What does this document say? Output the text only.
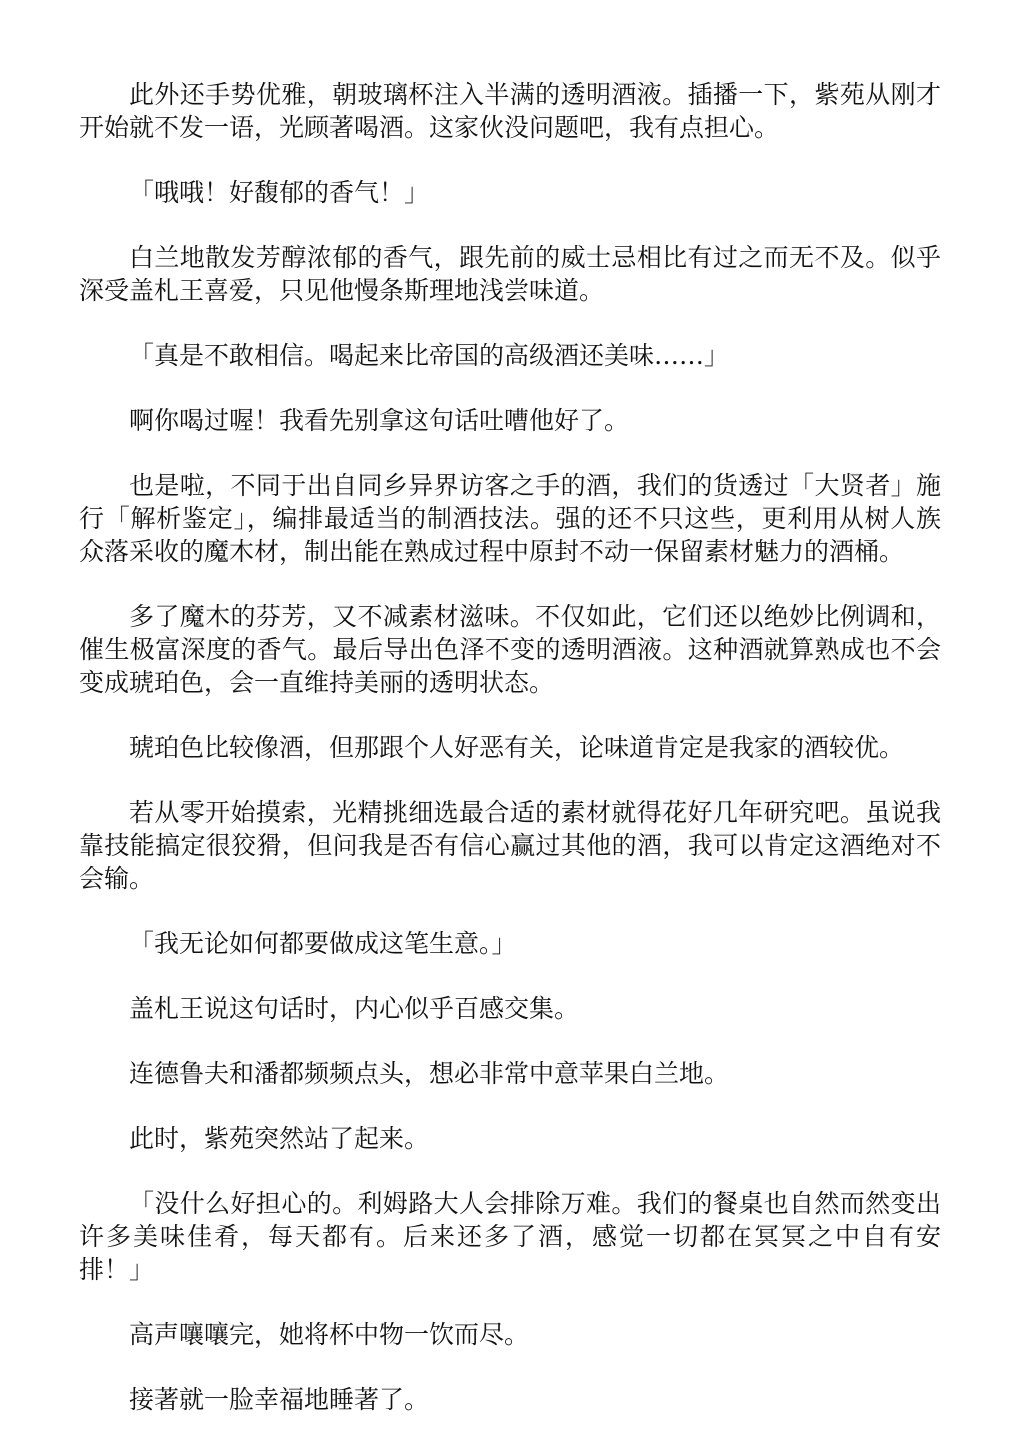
此外还手势优雅，朝玻璃杯注入半满的透明酒液。插播一下，紫苑从刚才开始就不发一语，光顾著喝酒。这家伙没问题吧，我有点担心。

「哦哦！好馥郁的香气！」

白兰地散发芳醇浓郁的香气，跟先前的威士忌相比有过之而无不及。似乎深受盖札王喜爱，只见他慢条斯理地浅尝味道。

「真是不敢相信。喝起来比帝国的高级酒还美味……」

啊你喝过喔！我看先别拿这句话吐嘈他好了。

也是啦，不同于出自同乡异界访客之手的酒，我们的货透过「大贤者」施行「解析鉴定」，编排最适当的制酒技法。强的还不只这些，更利用从树人族众落采收的魔木材，制出能在熟成过程中原封不动一保留素材魅力的酒桶。

多了魔木的芬芳，又不减素材滋味。不仅如此，它们还以绝妙比例调和，催生极富深度的香气。最后导出色泽不变的透明酒液。这种酒就算熟成也不会变成琥珀色，会一直维持美丽的透明状态。

琥珀色比较像酒，但那跟个人好恶有关，论味道肯定是我家的酒较优。

若从零开始摸索，光精挑细选最合适的素材就得花好几年研究吧。虽说我靠技能搞定很狡猾，但问我是否有信心赢过其他的酒，我可以肯定这酒绝对不会输。

「我无论如何都要做成这笔生意。」

盖札王说这句话时，内心似乎百感交集。

连德鲁夫和潘都频频点头，想必非常中意苹果白兰地。

此时，紫苑突然站了起来。

「没什么好担心的。利姆路大人会排除万难。我们的餐桌也自然而然变出许多美味佳肴，每天都有。后来还多了酒，感觉一切都在冥冥之中自有安排！」

高声嚷嚷完，她将杯中物一饮而尽。

接著就一脸幸福地睡著了。
